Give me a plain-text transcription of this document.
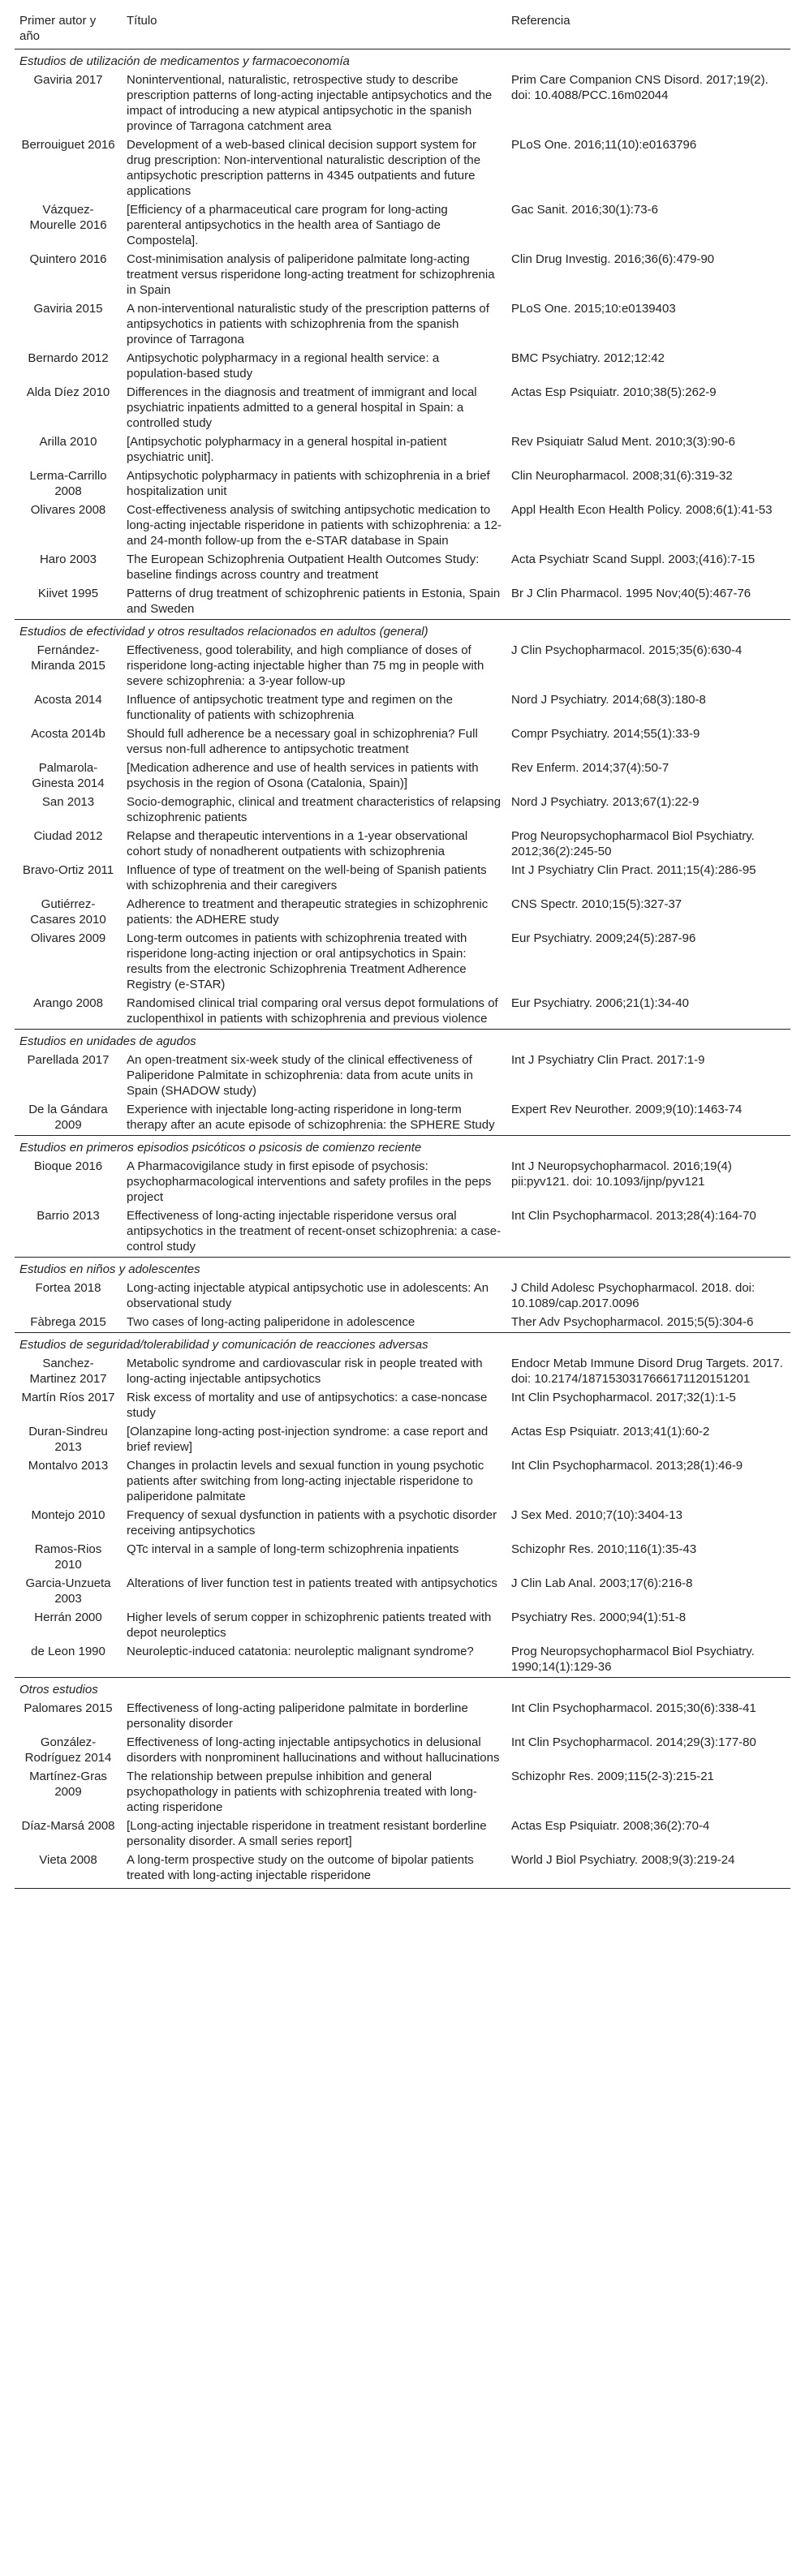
Primer autor y año	Título	Referencia
Estudios de utilización de medicamentos y farmacoeconomía		
Gaviria 2017	Noninterventional, naturalistic, retrospective study to describe prescription patterns of long-acting injectable antipsychotics and the impact of introducing a new atypical antipsychotic in the spanish province of Tarragona catchment area	Prim Care Companion CNS Disord. 2017;19(2). doi: 10.4088/PCC.16m02044
Berrouiguet 2016	Development of a web-based clinical decision support system for drug prescription: Non-interventional naturalistic description of the antipsychotic prescription patterns in 4345 outpatients and future applications	PLoS One. 2016;11(10):e0163796
Vázquez-Mourelle 2016	[Efficiency of a pharmaceutical care program for long-acting parenteral antipsychotics in the health area of Santiago de Compostela].	Gac Sanit. 2016;30(1):73-6
Quintero 2016	Cost-minimisation analysis of paliperidone palmitate long-acting treatment versus risperidone long-acting treatment for schizophrenia in Spain	Clin Drug Investig. 2016;36(6):479-90
Gaviria 2015	A non-interventional naturalistic study of the prescription patterns of antipsychotics in patients with schizophrenia from the spanish province of Tarragona	PLoS One. 2015;10:e0139403
Bernardo 2012	Antipsychotic polypharmacy in a regional health service: a population-based study	BMC Psychiatry. 2012;12:42
Alda Díez 2010	Differences in the diagnosis and treatment of immigrant and local psychiatric inpatients admitted to a general hospital in Spain: a controlled study	Actas Esp Psiquiatr. 2010;38(5):262-9
Arilla 2010	[Antipsychotic polypharmacy in a general hospital in-patient psychiatric unit].	Rev Psiquiatr Salud Ment. 2010;3(3):90-6
Lerma-Carrillo 2008	Antipsychotic polypharmacy in patients with schizophrenia in a brief hospitalization unit	Clin Neuropharmacol. 2008;31(6):319-32
Olivares 2008	Cost-effectiveness analysis of switching antipsychotic medication to long-acting injectable risperidone in patients with schizophrenia: a 12- and 24-month follow-up from the e-STAR database in Spain	Appl Health Econ Health Policy. 2008;6(1):41-53
Haro 2003	The European Schizophrenia Outpatient Health Outcomes Study: baseline findings across country and treatment	Acta Psychiatr Scand Suppl. 2003;(416):7-15
Kiivet 1995	Patterns of drug treatment of schizophrenic patients in Estonia, Spain and Sweden	Br J Clin Pharmacol. 1995 Nov;40(5):467-76
Estudios de efectividad y otros resultados relacionados en adultos (general)		
Fernández-Miranda 2015	Effectiveness, good tolerability, and high compliance of doses of risperidone long-acting injectable higher than 75 mg in people with severe schizophrenia: a 3-year follow-up	J Clin Psychopharmacol. 2015;35(6):630-4
Acosta 2014	Influence of antipsychotic treatment type and regimen on the functionality of patients with schizophrenia	Nord J Psychiatry. 2014;68(3):180-8
Acosta 2014b	Should full adherence be a necessary goal in schizophrenia? Full versus non-full adherence to antipsychotic treatment	Compr Psychiatry. 2014;55(1):33-9
Palmarola-Ginesta 2014	[Medication adherence and use of health services in patients with psychosis in the region of Osona (Catalonia, Spain)]	Rev Enferm. 2014;37(4):50-7
San 2013	Socio-demographic, clinical and treatment characteristics of relapsing schizophrenic patients	Nord J Psychiatry. 2013;67(1):22-9
Ciudad 2012	Relapse and therapeutic interventions in a 1-year observational cohort study of nonadherent outpatients with schizophrenia	Prog Neuropsychopharmacol Biol Psychiatry. 2012;36(2):245-50
Bravo-Ortiz 2011	Influence of type of treatment on the well-being of Spanish patients with schizophrenia and their caregivers	Int J Psychiatry Clin Pract. 2011;15(4):286-95
Gutiérrez-Casares 2010	Adherence to treatment and therapeutic strategies in schizophrenic patients: the ADHERE study	CNS Spectr. 2010;15(5):327-37
Olivares 2009	Long-term outcomes in patients with schizophrenia treated with risperidone long-acting injection or oral antipsychotics in Spain: results from the electronic Schizophrenia Treatment Adherence Registry (e-STAR)	Eur Psychiatry. 2009;24(5):287-96
Arango 2008	Randomised clinical trial comparing oral versus depot formulations of zuclopenthixol in patients with schizophrenia and previous violence	Eur Psychiatry. 2006;21(1):34-40
Estudios en unidades de agudos		
Parellada 2017	An open-treatment six-week study of the clinical effectiveness of Paliperidone Palmitate in schizophrenia: data from acute units in Spain (SHADOW study)	Int J Psychiatry Clin Pract. 2017:1-9
De la Gándara 2009	Experience with injectable long-acting risperidone in long-term therapy after an acute episode of schizophrenia: the SPHERE Study	Expert Rev Neurother. 2009;9(10):1463-74
Estudios en primeros episodios psicóticos o psicosis de comienzo reciente		
Bioque 2016	A Pharmacovigilance study in first episode of psychosis: psychopharmacological interventions and safety profiles in the peps project	Int J Neuropsychopharmacol. 2016;19(4) pii:pyv121. doi: 10.1093/ijnp/pyv121
Barrio 2013	Effectiveness of long-acting injectable risperidone versus oral antipsychotics in the treatment of recent-onset schizophrenia: a case-control study	Int Clin Psychopharmacol. 2013;28(4):164-70
Estudios en niños y adolescentes		
Fortea 2018	Long-acting injectable atypical antipsychotic use in adolescents: An observational study	J Child Adolesc Psychopharmacol. 2018. doi: 10.1089/cap.2017.0096
Fàbrega 2015	Two cases of long-acting paliperidone in adolescence	Ther Adv Psychopharmacol. 2015;5(5):304-6
Estudios de seguridad/tolerabilidad y comunicación de reacciones adversas		
Sanchez-Martinez 2017	Metabolic syndrome and cardiovascular risk in people treated with long-acting injectable antipsychotics	Endocr Metab Immune Disord Drug Targets. 2017. doi: 10.2174/1871530317666171120151201
Martín Ríos 2017	Risk excess of mortality and use of antipsychotics: a case-noncase study	Int Clin Psychopharmacol. 2017;32(1):1-5
Duran-Sindreu 2013	[Olanzapine long-acting post-injection syndrome: a case report and brief review]	Actas Esp Psiquiatr. 2013;41(1):60-2
Montalvo 2013	Changes in prolactin levels and sexual function in young psychotic patients after switching from long-acting injectable risperidone to paliperidone palmitate	Int Clin Psychopharmacol. 2013;28(1):46-9
Montejo 2010	Frequency of sexual dysfunction in patients with a psychotic disorder receiving antipsychotics	J Sex Med. 2010;7(10):3404-13
Ramos-Rios 2010	QTc interval in a sample of long-term schizophrenia inpatients	Schizophr Res. 2010;116(1):35-43
Garcia-Unzueta 2003	Alterations of liver function test in patients treated with antipsychotics	J Clin Lab Anal. 2003;17(6):216-8
Herrán 2000	Higher levels of serum copper in schizophrenic patients treated with depot neuroleptics	Psychiatry Res. 2000;94(1):51-8
de Leon 1990	Neuroleptic-induced catatonia: neuroleptic malignant syndrome?	Prog Neuropsychopharmacol Biol Psychiatry. 1990;14(1):129-36
Otros estudios		
Palomares 2015	Effectiveness of long-acting paliperidone palmitate in borderline personality disorder	Int Clin Psychopharmacol. 2015;30(6):338-41
González-Rodríguez 2014	Effectiveness of long-acting injectable antipsychotics in delusional disorders with nonprominent hallucinations and without hallucinations	Int Clin Psychopharmacol. 2014;29(3):177-80
Martínez-Gras 2009	The relationship between prepulse inhibition and general psychopathology in patients with schizophrenia treated with long-acting risperidone	Schizophr Res. 2009;115(2-3):215-21
Díaz-Marsá 2008	[Long-acting injectable risperidone in treatment resistant borderline personality disorder. A small series report]	Actas Esp Psiquiatr. 2008;36(2):70-4
Vieta 2008	A long-term prospective study on the outcome of bipolar patients treated with long-acting injectable risperidone	World J Biol Psychiatry. 2008;9(3):219-24
